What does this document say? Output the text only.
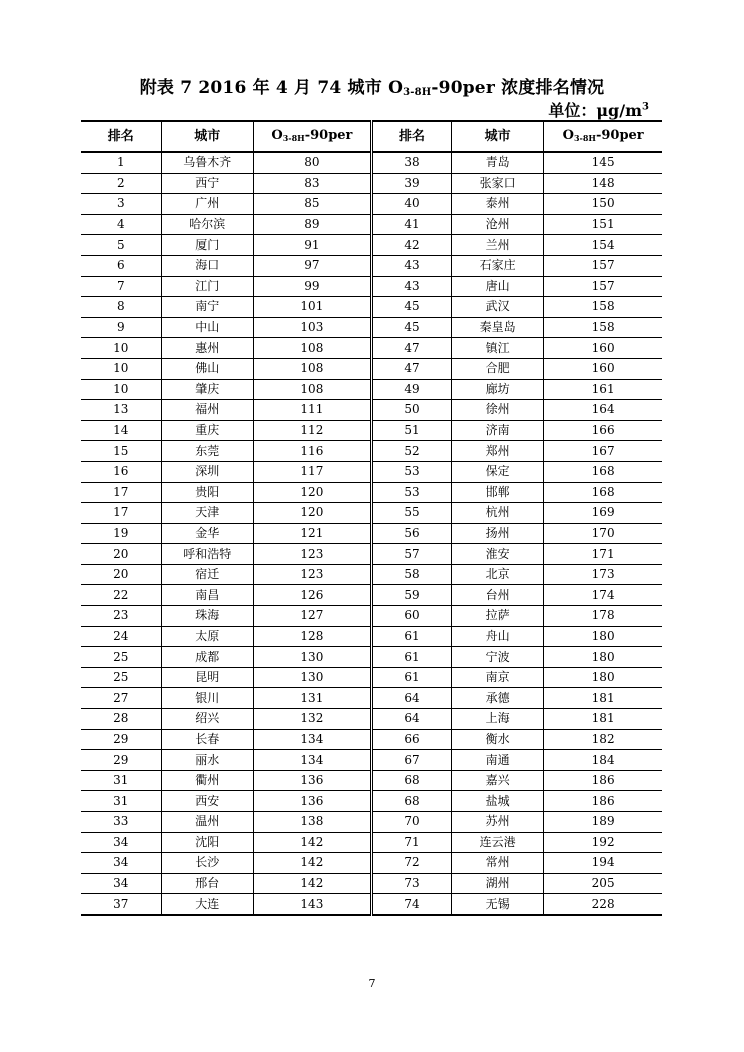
附表 7 2016 年 4 月 74 城市 $O_{3-8H}-90per$ 浓度排名情况
单位：$\mu g/m^3$
排名	城市	$O_{3-8H}-90per$	排名	城市	$O_{3-8H}-90per$
1	乌鲁木齐	80	38	青岛	145
2	西宁	83	39	张家口	148
3	广州	85	40	泰州	150
4	哈尔滨	89	41	沧州	151
5	厦门	91	42	兰州	154
6	海口	97	43	石家庄	157
7	江门	99	43	唐山	157
8	南宁	101	45	武汉	158
9	中山	103	45	秦皇岛	158
10	惠州	108	47	镇江	160
10	佛山	108	47	合肥	160
10	肇庆	108	49	廊坊	161
13	福州	111	50	徐州	164
14	重庆	112	51	济南	166
15	东莞	116	52	郑州	167
16	深圳	117	53	保定	168
17	贵阳	120	53	邯郸	168
17	天津	120	55	杭州	169
19	金华	121	56	扬州	170
20	呼和浩特	123	57	淮安	171
20	宿迁	123	58	北京	173
22	南昌	126	59	台州	174
23	珠海	127	60	拉萨	178
24	太原	128	61	舟山	180
25	成都	130	61	宁波	180
25	昆明	130	61	南京	180
27	银川	131	64	承德	181
28	绍兴	132	64	上海	181
29	长春	134	66	衡水	182
29	丽水	134	67	南通	184
31	衢州	136	68	嘉兴	186
31	西安	136	68	盐城	186
33	温州	138	70	苏州	189
34	沈阳	142	71	连云港	192
34	长沙	142	72	常州	194
34	邢台	142	73	湖州	205
37	大连	143	74	无锡	228
7
